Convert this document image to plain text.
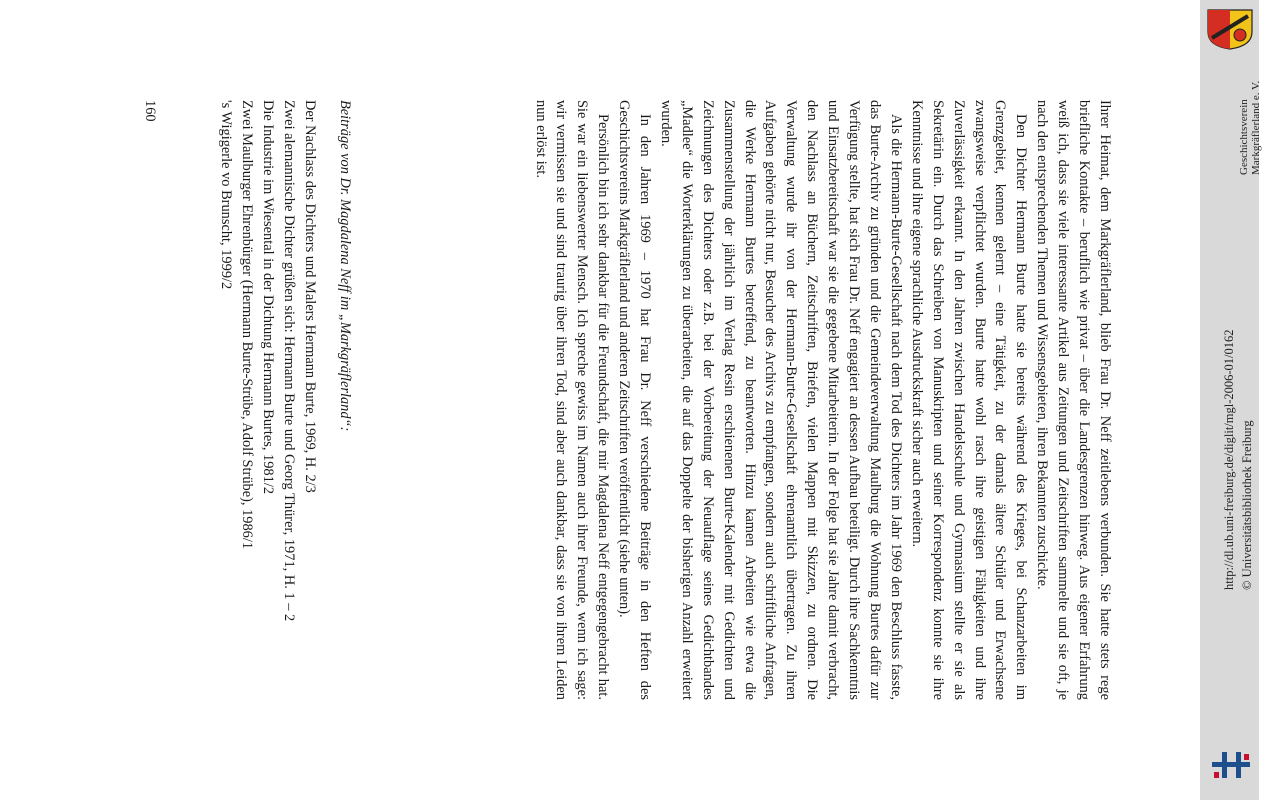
Ihrer Heimat, dem Markgräflerland, blieb Frau Dr. Neff zeitlebens verbunden. Sie hatte stets rege briefliche Kontakte – beruflich wie privat – über die Landesgrenzen hinweg. Aus eigener Erfahrung weiß ich, dass sie viele interessante Artikel aus Zeitungen und Zeitschriften sammelte und sie oft, je nach den entsprechenden Themen und Wissensgebieten, ihren Bekannten zuschickte.

Den Dichter Hermann Burte hatte sie bereits während des Krieges, bei Schanzarbeiten im Grenzgebiet, kennen gelernt – eine Tätigkeit, zu der damals ältere Schüler und Erwachsene zwangsweise verpflichtet wurden. Burte hatte wohl rasch ihre geistigen Fähigkeiten und ihre Zuverlässigkeit erkannt. In den Jahren zwischen Handelsschule und Gymnasium stellte er sie als Sekretärin ein. Durch das Schreiben von Manuskripten und seiner Korrespondenz konnte sie ihre Kenntnisse und ihre eigene sprachliche Ausdruckskraft sicher auch erweitern.

Als die Hermann-Burte-Gesellschaft nach dem Tod des Dichters im Jahr 1969 den Beschluss fasste, das Burte-Archiv zu gründen und die Gemeindeverwaltung Maulburg die Wohnung Burtes dafür zur Verfügung stellte, hat sich Frau Dr. Neff engagiert an dessen Aufbau beteiligt. Durch ihre Sachkenntnis und Einsatzbereitschaft war sie die gegebene Mitarbeiterin. In der Folge hat sie Jahre damit verbracht, den Nachlass an Büchern, Zeitschriften, Briefen, vielen Mappen mit Skizzen, zu ordnen. Die Verwaltung wurde ihr von der Hermann-Burte-Gesellschaft ehrenamtlich übertragen. Zu ihren Aufgaben gehörte nicht nur, Besucher des Archivs zu empfangen, sondern auch schriftliche Anfragen, die Werke Hermann Burtes betreffend, zu beantworten. Hinzu kamen Arbeiten wie etwa die Zusammenstellung der jährlich im Verlag Resin erschienenen Burte-Kalender mit Gedichten und Zeichnungen des Dichters oder z.B. bei der Vorbereitung der Neuauflage seines Gedichtbandes „Madlee“ die Worterklärungen zu überarbeiten, die auf das Doppelte der bisherigen Anzahl erweitert wurden.

In den Jahren 1969 – 1970 hat Frau Dr. Neff verschiedene Beiträge in den Heften des Geschichtsvereins Markgräflerland und anderen Zeitschriften veröffentlicht (siehe unten).

Persönlich bin ich sehr dankbar für die Freundschaft, die mir Magdalena Neff entgegengebracht hat. Sie war ein liebenswerter Mensch. Ich spreche gewiss im Namen auch ihrer Freunde, wenn ich sage: wir vermissen sie und sind traurig über ihren Tod, sind aber auch dankbar, dass sie von ihrem Leiden nun erlöst ist.

Beiträge von Dr. Magdalena Neff im „Markgräflerland“:

Der Nachlass des Dichters und Malers Hermann Burte, 1969, H. 2/3
Zwei alemannische Dichter grüßen sich: Hermann Burte und Georg Thürer, 1971, H. 1 – 2
Die Industrie im Wiesental in der Dichtung Hermann Burtes, 1981/2
Zwei Maulburger Ehrenbürger (Hermann Burte-Strübe, Adolf Strübe), 1986/1
's Wigigerle vo Brunscht, 1999/2

160	Geschichtsverein Markgräflerland e. V.
http://dl.ub.uni-freiburg.de/diglit/mgl-2006-01/0162 © Universitätsbibliothek Freiburg
